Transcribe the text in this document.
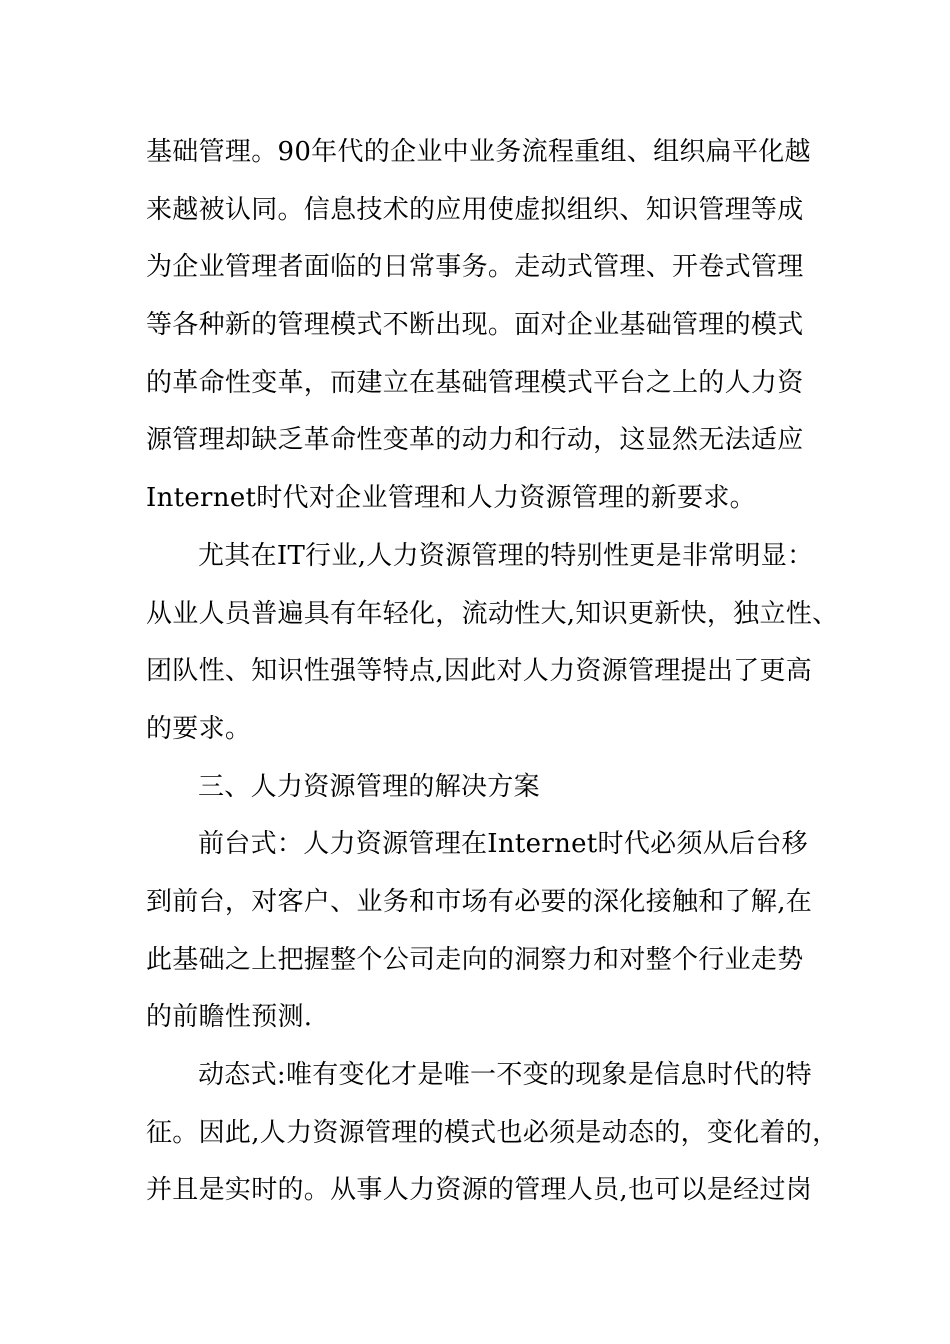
基础管理。90年代的企业中业务流程重组、组织扁平化越
来越被认同。信息技术的应用使虚拟组织、知识管理等成
为企业管理者面临的日常事务。走动式管理、开卷式管理
等各种新的管理模式不断出现。面对企业基础管理的模式
的革命性变革，而建立在基础管理模式平台之上的人力资
源管理却缺乏革命性变革的动力和行动，这显然无法适应
Internet时代对企业管理和人力资源管理的新要求。
尤其在IT行业,人力资源管理的特别性更是非常明显：
从业人员普遍具有年轻化，流动性大,知识更新快，独立性、
团队性、知识性强等特点,因此对人力资源管理提出了更高
的要求。
三、人力资源管理的解决方案
前台式：人力资源管理在Internet时代必须从后台移
到前台，对客户、业务和市场有必要的深化接触和了解,在
此基础之上把握整个公司走向的洞察力和对整个行业走势
的前瞻性预测.
动态式:唯有变化才是唯一不变的现象是信息时代的特
征。因此,人力资源管理的模式也必须是动态的，变化着的，
并且是实时的。从事人力资源的管理人员,也可以是经过岗
